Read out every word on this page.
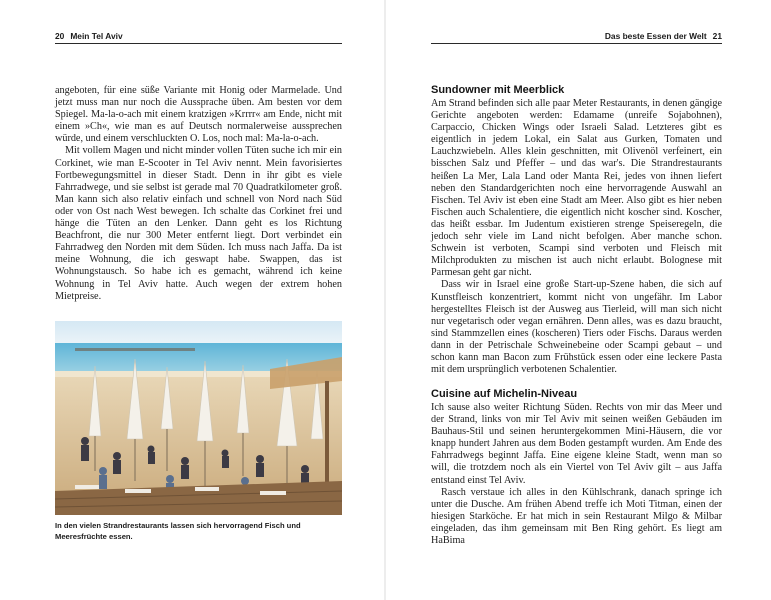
20 Mein Tel Aviv

angeboten, für eine süße Variante mit Honig oder Marmelade. Und jetzt muss man nur noch die Aussprache üben. Am besten vor dem Spiegel. Ma-la-o-ach mit einem kratzigen »Krrrr« am Ende, nicht mit einem »Ch«, wie man es auf Deutsch normalerweise aussprechen würde, und einem verschluckten O. Los, noch mal: Ma-la-o-ach.

Mit vollem Magen und nicht minder vollen Tüten suche ich mir ein Corkinet, wie man E-Scooter in Tel Aviv nennt. Mein favorisiertes Fortbewegungsmittel in dieser Stadt. Denn in ihr gibt es viele Fahrradwege, und sie selbst ist gerade mal 70 Quadratkilometer groß. Man kann sich also relativ einfach und schnell von Nord nach Süd oder von Ost nach West bewegen. Ich schalte das Corkinet frei und hänge die Tüten an den Lenker. Dann geht es los Richtung Beachfront, die nur 300 Meter entfernt liegt. Dort verbindet ein Fahrradweg den Norden mit dem Süden. Ich muss nach Jaffa. Da ist meine Wohnung, die ich geswapt habe. Swappen, das ist Wohnungstausch. So habe ich es gemacht, während ich keine Wohnung in Tel Aviv hatte. Auch wegen der extrem hohen Mietpreise.

In den vielen Strandrestaurants lassen sich hervorragend Fisch und Meeresfrüchte essen.
Das beste Essen der Welt 21
Sundowner mit Meerblick

Am Strand befinden sich alle paar Meter Restaurants, in denen gängige Gerichte angeboten werden: Edamame (unreife Sojabohnen), Carpaccio, Chicken Wings oder Israeli Salad. Letzteres gibt es eigentlich in jedem Lokal, ein Salat aus Gurken, Tomaten und Lauchzwiebeln. Alles klein geschnitten, mit Olivenöl verfeinert, ein bisschen Salz und Pfeffer – und das war's. Die Strandrestaurants heißen La Mer, Lala Land oder Manta Rei, jedes von ihnen liefert neben den Standardgerichten noch eine hervorragende Auswahl an Fischen. Tel Aviv ist eben eine Stadt am Meer. Also gibt es hier neben Fischen auch Schalentiere, die eigentlich nicht koscher sind. Koscher, das heißt essbar. Im Judentum existieren strenge Speiseregeln, die jedoch sehr viele im Land nicht befolgen. Aber manche schon. Schwein ist verboten, Scampi sind verboten und Fleisch mit Milchprodukten zu mischen ist auch nicht erlaubt. Bolognese mit Parmesan geht gar nicht.

Dass wir in Israel eine große Start-up-Szene haben, die sich auf Kunstfleisch konzentriert, kommt nicht von ungefähr. Im Labor hergestelltes Fleisch ist der Ausweg aus Tierleid, will man sich nicht nur vegetarisch oder vegan ernähren. Denn alles, was es dazu braucht, sind Stammzellen eines (koscheren) Tiers oder Fischs. Daraus werden dann in der Petrischale Schweinebeine oder Scampi gebaut – und schon kann man Bacon zum Frühstück essen oder eine leckere Pasta mit dem ursprünglich verbotenen Schalentier.

Cuisine auf Michelin-Niveau

Ich sause also weiter Richtung Süden. Rechts von mir das Meer und der Strand, links von mir Tel Aviv mit seinen weißen Gebäuden im Bauhaus-Stil und seinen heruntergekommen Mini-Häusern, die vor knapp hundert Jahren aus dem Boden gestampft wurden. Am Ende des Fahrradwegs beginnt Jaffa. Eine eigene kleine Stadt, wenn man so will, die trotzdem noch als ein Viertel von Tel Aviv gilt – aus Jaffa entstand einst Tel Aviv.

Rasch verstaue ich alles in den Kühlschrank, danach springe ich unter die Dusche. Am frühen Abend treffe ich Moti Titman, einen der hiesigen Starköche. Er hat mich in sein Restaurant Milgo & Milbar eingeladen, das ihm gemeinsam mit Ben Ring gehört. Es liegt am HaBima
